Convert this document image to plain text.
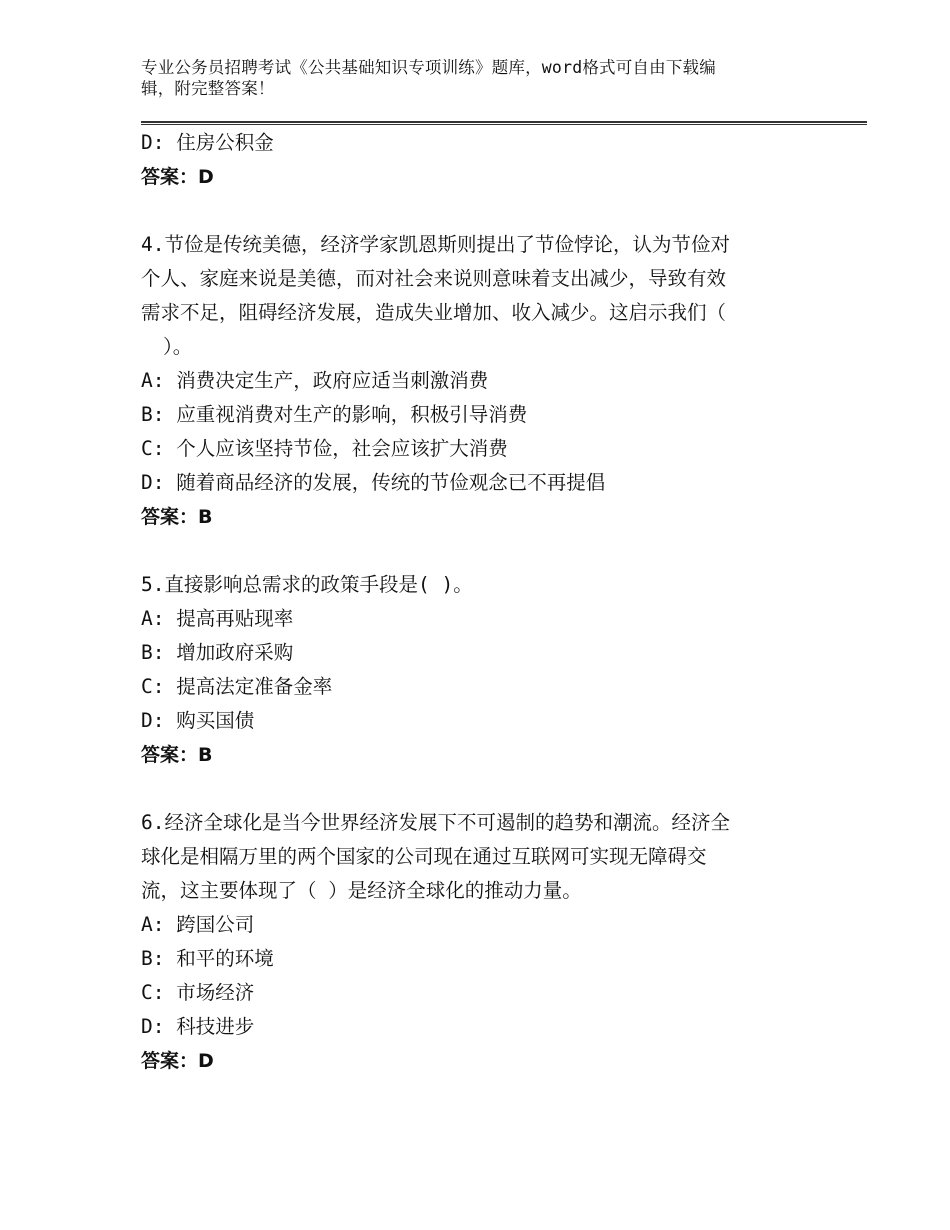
专业公务员招聘考试《公共基础知识专项训练》题库，word格式可自由下载编
辑，附完整答案！
D: 住房公积金
答案：D
4.节俭是传统美德，经济学家凯恩斯则提出了节俭悖论，认为节俭对
个人、家庭来说是美德，而对社会来说则意味着支出减少，导致有效
需求不足，阻碍经济发展，造成失业增加、收入减少。这启示我们（
）。
A: 消费决定生产，政府应适当刺激消费
B: 应重视消费对生产的影响，积极引导消费
C: 个人应该坚持节俭，社会应该扩大消费
D: 随着商品经济的发展，传统的节俭观念已不再提倡
答案：B
5.直接影响总需求的政策手段是( )。
A: 提高再贴现率
B: 增加政府采购
C: 提高法定准备金率
D: 购买国债
答案：B
6.经济全球化是当今世界经济发展下不可遏制的趋势和潮流。经济全
球化是相隔万里的两个国家的公司现在通过互联网可实现无障碍交
流，这主要体现了（ ）是经济全球化的推动力量。
A: 跨国公司
B: 和平的环境
C: 市场经济
D: 科技进步
答案：D
